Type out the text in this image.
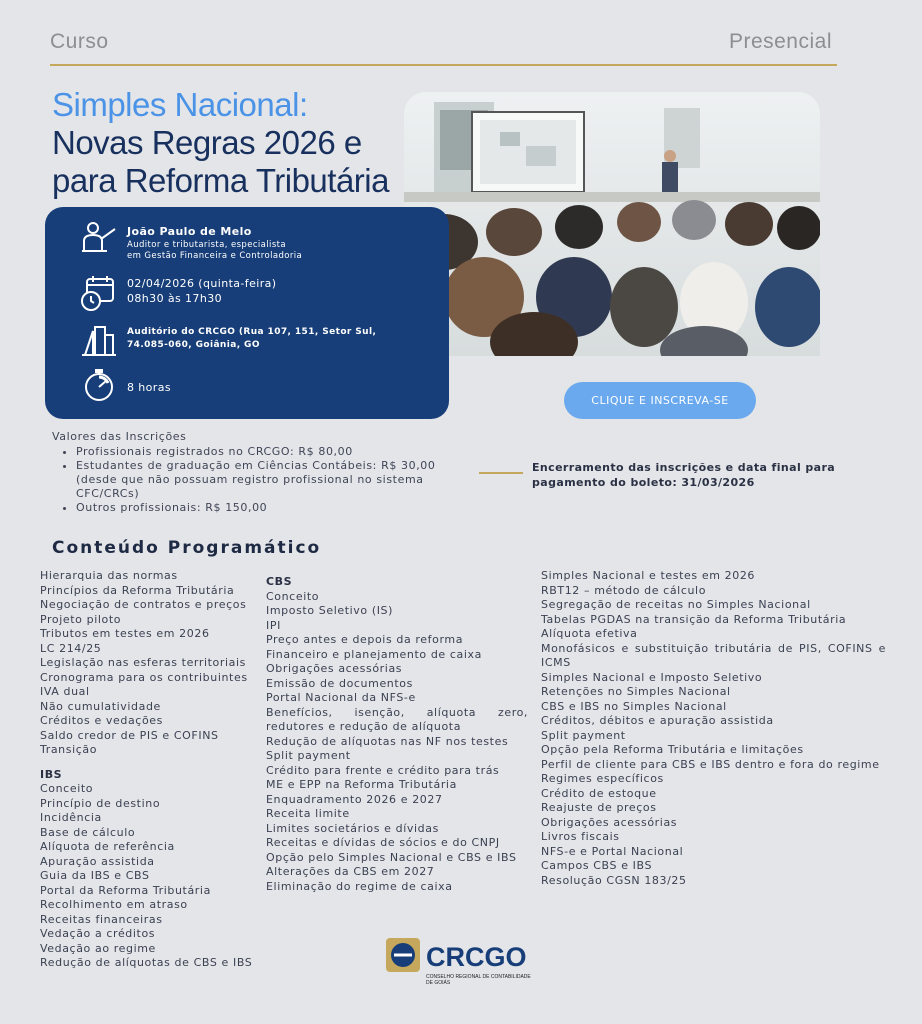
Curso	Presencial
Simples Nacional:
Novas Regras 2026 e
para Reforma Tributária
João Paulo de Melo
Auditor e tributarista, especialista
em Gestão Financeira e Controladoria
02/04/2026 (quinta-feira)
08h30 às 17h30
Auditório do CRCGO (Rua 107, 151, Setor Sul,
74.085-060, Goiânia, GO
8 horas
CLIQUE E INSCREVA-SE
Valores das Inscrições
• Profissionais registrados no CRCGO: R$ 80,00
• Estudantes de graduação em Ciências Contábeis: R$ 30,00 (desde que não possuam registro profissional no sistema CFC/CRCs)
• Outros profissionais: R$ 150,00
Encerramento das inscrições e data final para pagamento do boleto: 31/03/2026
Conteúdo Programático
Hierarquia das normas
Princípios da Reforma Tributária
Negociação de contratos e preços
Projeto piloto
Tributos em testes em 2026
LC 214/25
Legislação nas esferas territoriais
Cronograma para os contribuintes
IVA dual
Não cumulatividade
Créditos e vedações
Saldo credor de PIS e COFINS
Transição
IBS
Conceito
Princípio de destino
Incidência
Base de cálculo
Alíquota de referência
Apuração assistida
Guia da IBS e CBS
Portal da Reforma Tributária
Recolhimento em atraso
Receitas financeiras
Vedação a créditos
Vedação ao regime
Redução de alíquotas de CBS e IBS
CBS
Conceito
Imposto Seletivo (IS)
IPI
Preço antes e depois da reforma
Financeiro e planejamento de caixa
Obrigações acessórias
Emissão de documentos
Portal Nacional da NFS-e
Benefícios, isenção, alíquota zero, redutores e redução de alíquota
Redução de alíquotas nas NF nos testes
Split payment
Crédito para frente e crédito para trás
ME e EPP na Reforma Tributária
Enquadramento 2026 e 2027
Receita limite
Limites societários e dívidas
Receitas e dívidas de sócios e do CNPJ
Opção pelo Simples Nacional e CBS e IBS
Alterações da CBS em 2027
Eliminação do regime de caixa
Simples Nacional e testes em 2026
RBT12 – método de cálculo
Segregação de receitas no Simples Nacional
Tabelas PGDAS na transição da Reforma Tributária
Alíquota efetiva
Monofásicos e substituição tributária de PIS, COFINS e ICMS
Simples Nacional e Imposto Seletivo
Retenções no Simples Nacional
CBS e IBS no Simples Nacional
Créditos, débitos e apuração assistida
Split payment
Opção pela Reforma Tributária e limitações
Perfil de cliente para CBS e IBS dentro e fora do regime
Regimes específicos
Crédito de estoque
Reajuste de preços
Obrigações acessórias
Livros fiscais
NFS-e e Portal Nacional
Campos CBS e IBS
Resolução CGSN 183/25
CRCGO
CONSELHO REGIONAL DE CONTABILIDADE
DE GOIÁS
